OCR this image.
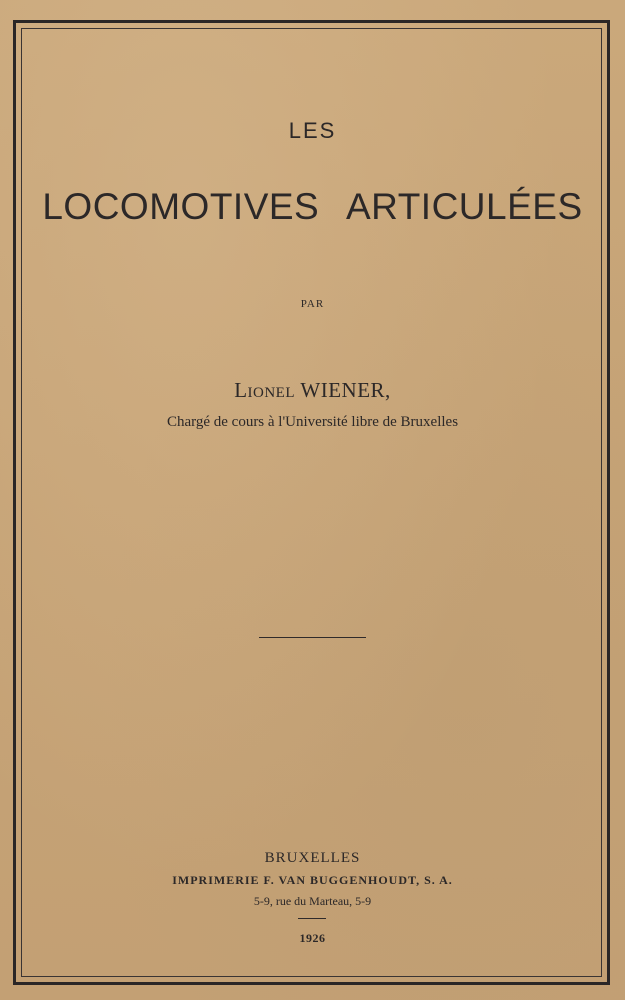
LES
LOCOMOTIVES ARTICULÉES
PAR
Lionel WIENER,
Chargé de cours à l'Université libre de Bruxelles
BRUXELLES
IMPRIMERIE F. VAN BUGGENHOUDT, S. A.
5-9, rue du Marteau, 5-9
1926
